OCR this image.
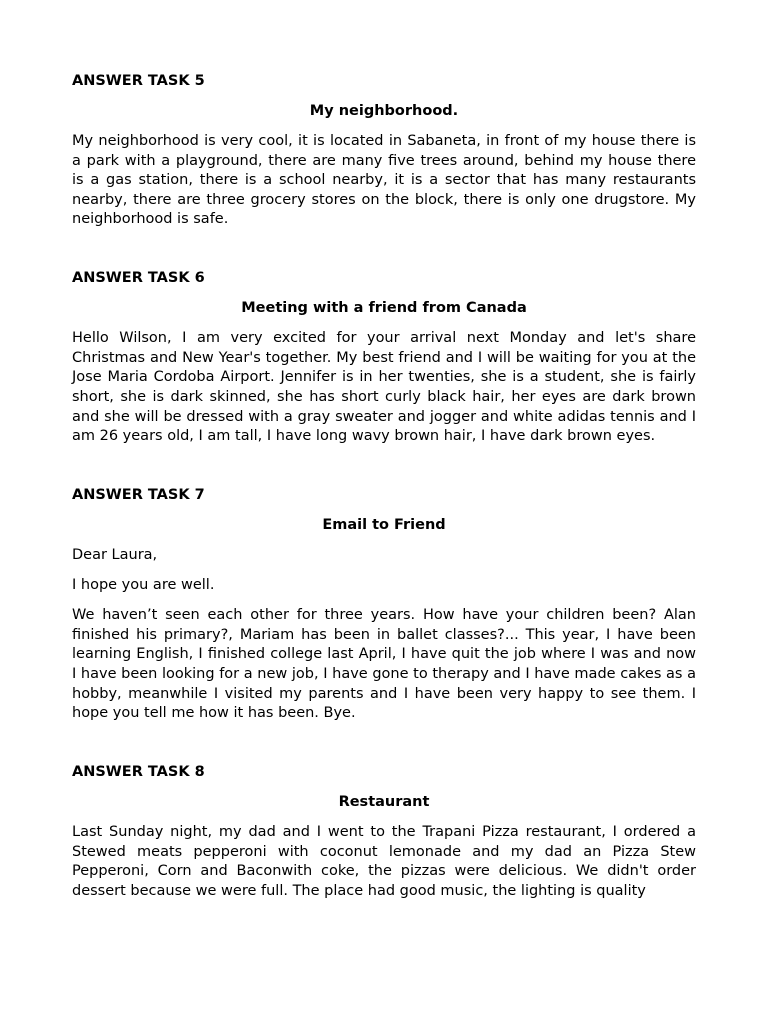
ANSWER TASK 5

My neighborhood.

My neighborhood is very cool, it is located in Sabaneta, in front of my house there is a park with a playground, there are many five trees around, behind my house there is a gas station, there is a school nearby, it is a sector that has many restaurants nearby, there are three grocery stores on the block, there is only one drugstore. My neighborhood is safe.

ANSWER TASK 6

Meeting with a friend from Canada

Hello Wilson, I am very excited for your arrival next Monday and let's share Christmas and New Year's together. My best friend and I will be waiting for you at the Jose Maria Cordoba Airport. Jennifer is in her twenties, she is a student, she is fairly short, she is dark skinned, she has short curly black hair, her eyes are dark brown and she will be dressed with a gray sweater and jogger and white adidas tennis and I am 26 years old, I am tall, I have long wavy brown hair, I have dark brown eyes.

ANSWER TASK 7

Email to Friend

Dear Laura,

I hope you are well.

We haven’t seen each other for three years. How have your children been? Alan finished his primary?, Mariam has been in ballet classes?... This year, I have been learning English, I finished college last April, I have quit the job where I was and now I have been looking for a new job, I have gone to therapy and I have made cakes as a hobby, meanwhile I visited my parents and I have been very happy to see them. I hope you tell me how it has been. Bye.

ANSWER TASK 8

Restaurant

Last Sunday night, my dad and I went to the Trapani Pizza restaurant, I ordered a Stewed meats pepperoni with coconut lemonade and my dad an Pizza Stew Pepperoni, Corn and Baconwith coke, the pizzas were delicious. We didn't order dessert because we were full. The place had good music, the lighting is quality
